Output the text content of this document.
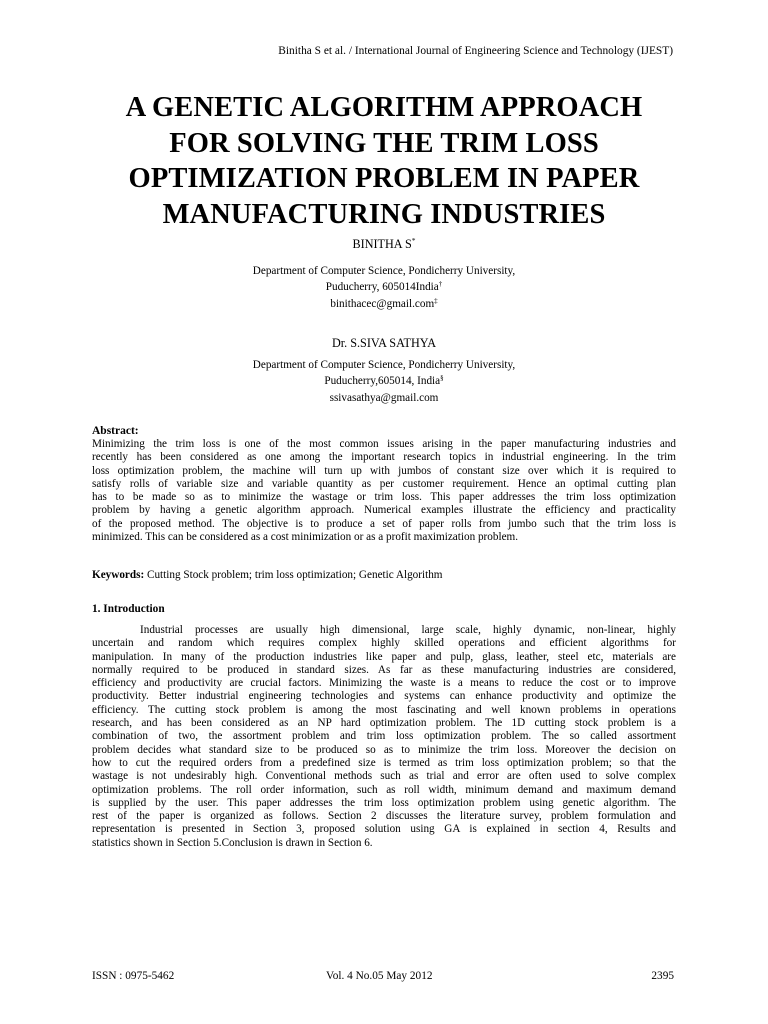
Binitha S et al. / International Journal of Engineering Science and Technology (IJEST)
A GENETIC ALGORITHM APPROACH
FOR SOLVING THE TRIM LOSS
OPTIMIZATION PROBLEM IN PAPER
MANUFACTURING INDUSTRIES
BINITHA S*
Department of Computer Science, Pondicherry University,
Puducherry, 605014India†
binithacec@gmail.com‡
Dr. S.SIVA SATHYA
Department of Computer Science, Pondicherry University,
Puducherry,605014, India§
ssivasathya@gmail.com
Abstract:
Minimizing the trim loss is one of the most common issues arising in the paper manufacturing industries and
recently has been considered as one among the important research topics in industrial engineering. In the trim
loss optimization problem, the machine will turn up with jumbos of constant size over which it is required to
satisfy rolls of variable size and variable quantity as per customer requirement. Hence an optimal cutting plan
has to be made so as to minimize the wastage or trim loss. This paper addresses the trim loss optimization
problem by having a genetic algorithm approach. Numerical examples illustrate the efficiency and practicality
of the proposed method. The objective is to produce a set of paper rolls from jumbo such that the trim loss is
minimized. This can be considered as a cost minimization or as a profit maximization problem.
Keywords: Cutting Stock problem; trim loss optimization; Genetic Algorithm
1. Introduction
Industrial processes are usually high dimensional, large scale, highly dynamic, non-linear, highly
uncertain and random which requires complex highly skilled operations and efficient algorithms for
manipulation. In many of the production industries like paper and pulp, glass, leather, steel etc, materials are
normally required to be produced in standard sizes. As far as these manufacturing industries are considered,
efficiency and productivity are crucial factors. Minimizing the waste is a means to reduce the cost or to improve
productivity. Better industrial engineering technologies and systems can enhance productivity and optimize the
efficiency. The cutting stock problem is among the most fascinating and well known problems in operations
research, and has been considered as an NP hard optimization problem. The 1D cutting stock problem is a
combination of two, the assortment problem and trim loss optimization problem. The so called assortment
problem decides what standard size to be produced so as to minimize the trim loss. Moreover the decision on
how to cut the required orders from a predefined size is termed as trim loss optimization problem; so that the
wastage is not undesirably high. Conventional methods such as trial and error are often used to solve complex
optimization problems. The roll order information, such as roll width, minimum demand and maximum demand
is supplied by the user. This paper addresses the trim loss optimization problem using genetic algorithm. The
rest of the paper is organized as follows. Section 2 discusses the literature survey, problem formulation and
representation is presented in Section 3, proposed solution using GA is explained in section 4, Results and
statistics shown in Section 5.Conclusion is drawn in Section 6.
ISSN : 0975-5462	Vol. 4 No.05 May 2012	2395
